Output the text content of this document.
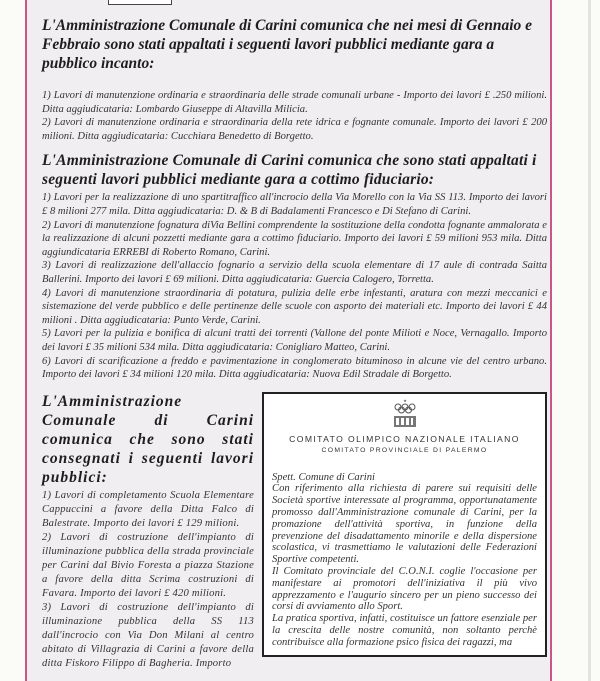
L'Amministrazione Comunale di Carini comunica che nei mesi di Gennaio e Febbraio sono stati appaltati i seguenti lavori pubblici mediante gara a pubblico incanto:
1) Lavori di manutenzione ordinaria e straordinaria delle strade comunali urbane - Importo dei lavori £ .250 milioni. Ditta aggiudicataria: Lombardo Giuseppe di Altavilla Milicia.
2) Lavori di manutenzione ordinaria e straordinaria della rete idrica e fognante comunale. Importo dei lavori £ 200 milioni. Ditta aggiudicataria: Cucchiara Benedetto di Borgetto.
L'Amministrazione Comunale di Carini comunica che sono stati appaltati i seguenti lavori pubblici mediante gara a cottimo fiduciario:
1) Lavori per la realizzazione di uno spartitraffico all'incrocio della Via Morello con la Via SS 113. Importo dei lavori £ 8 milioni 277 mila. Ditta aggiudicataria: D. & B di Badalamenti Francesco e Di Stefano di Carini.
2) Lavori di manutenzione fognatura diVia Bellini comprendente la sostituzione della condotta fognante ammalorata e la realizzazione di alcuni pozzetti mediante gara a cottimo fiduciario. Importo dei lavori £ 59 milioni 953 mila. Ditta aggiundicataria ERREBI di Roberto Romano, Carini.
3) Lavori di realizzazione dell'allaccio fognario a servizio della scuola elementare di 17 aule di contrada Saitta Ballerini. Importo dei lavori £ 69 milioni. Ditta aggiudicataria: Guercia Calogero, Torretta.
4) Lavori di manutenzione straordinaria di potatura, pulizia delle erbe infestanti, aratura con mezzi meccanici e sistemazione del verde pubblico e delle pertinenze delle scuole con asporto dei materiali etc. Importo dei lavori £ 44 milioni . Ditta aggiudicataria: Punto Verde, Carini.
5) Lavori per la pulizia e bonifica di alcuni tratti dei torrenti (Vallone del ponte Milioti e Noce, Vernagallo. Importo dei lavori £ 35 milioni 534 mila. Ditta aggiudicataria: Conigliaro Matteo, Carini.
6) Lavori di scarificazione a freddo e pavimentazione in conglomerato bituminoso in alcune vie del centro urbano. Importo dei lavori £ 34 milioni 120 mila. Ditta aggiudicataria: Nuova Edil Stradale di Borgetto.
L'Amministrazione Comunale di Carini comunica che sono stati consegnati i seguenti lavori pubblici:
1) Lavori di completamento Scuola Elementare Cappuccini a favore della Ditta Falco di Balestrate. Importo dei lavori £ 129 milioni.
2) Lavori di costruzione dell'impianto di illuminazione pubblica della strada provinciale per Carini dal Bivio Foresta a piazza Stazione a favore della ditta Scrima costruzioni di Favara. Importo dei lavori £ 420 milioni.
3) Lavori di costruzione dell'impianto di illuminazione pubblica della SS 113 dall'incrocio con Via Don Milani al centro abitato di Villagrazia di Carini a favore della ditta Fiskoro Filippo di Bagheria. Importo
★
COMITATO OLIMPICO NAZIONALE ITALIANO
COMITATO PROVINCIALE DI PALERMO
Spett. Comune di Carini
Con riferimento alla richiesta di parere sui requisiti delle Società sportive interessate al programma, opportunatamente promosso dall'Amministrazione comunale di Carini, per la promazione dell'attività sportiva, in funzione della prevenzione del disadattamento minorile e della dispersione scolastica, vi trasmettiamo le valutazioni delle Federazioni Sportive competenti.
Il Comitato provinciale del C.O.N.I. coglie l'occasione per manifestare ai promotori dell'iniziativa il più vivo apprezzamento e l'augurio sincero per un pieno successo dei corsi di avviamento allo Sport.
La pratica sportiva, infatti, costituisce un fattore esenziale per la crescita delle nostre comunità, non soltanto perchè contribuisce alla formazione psico fisica dei ragazzi, ma
